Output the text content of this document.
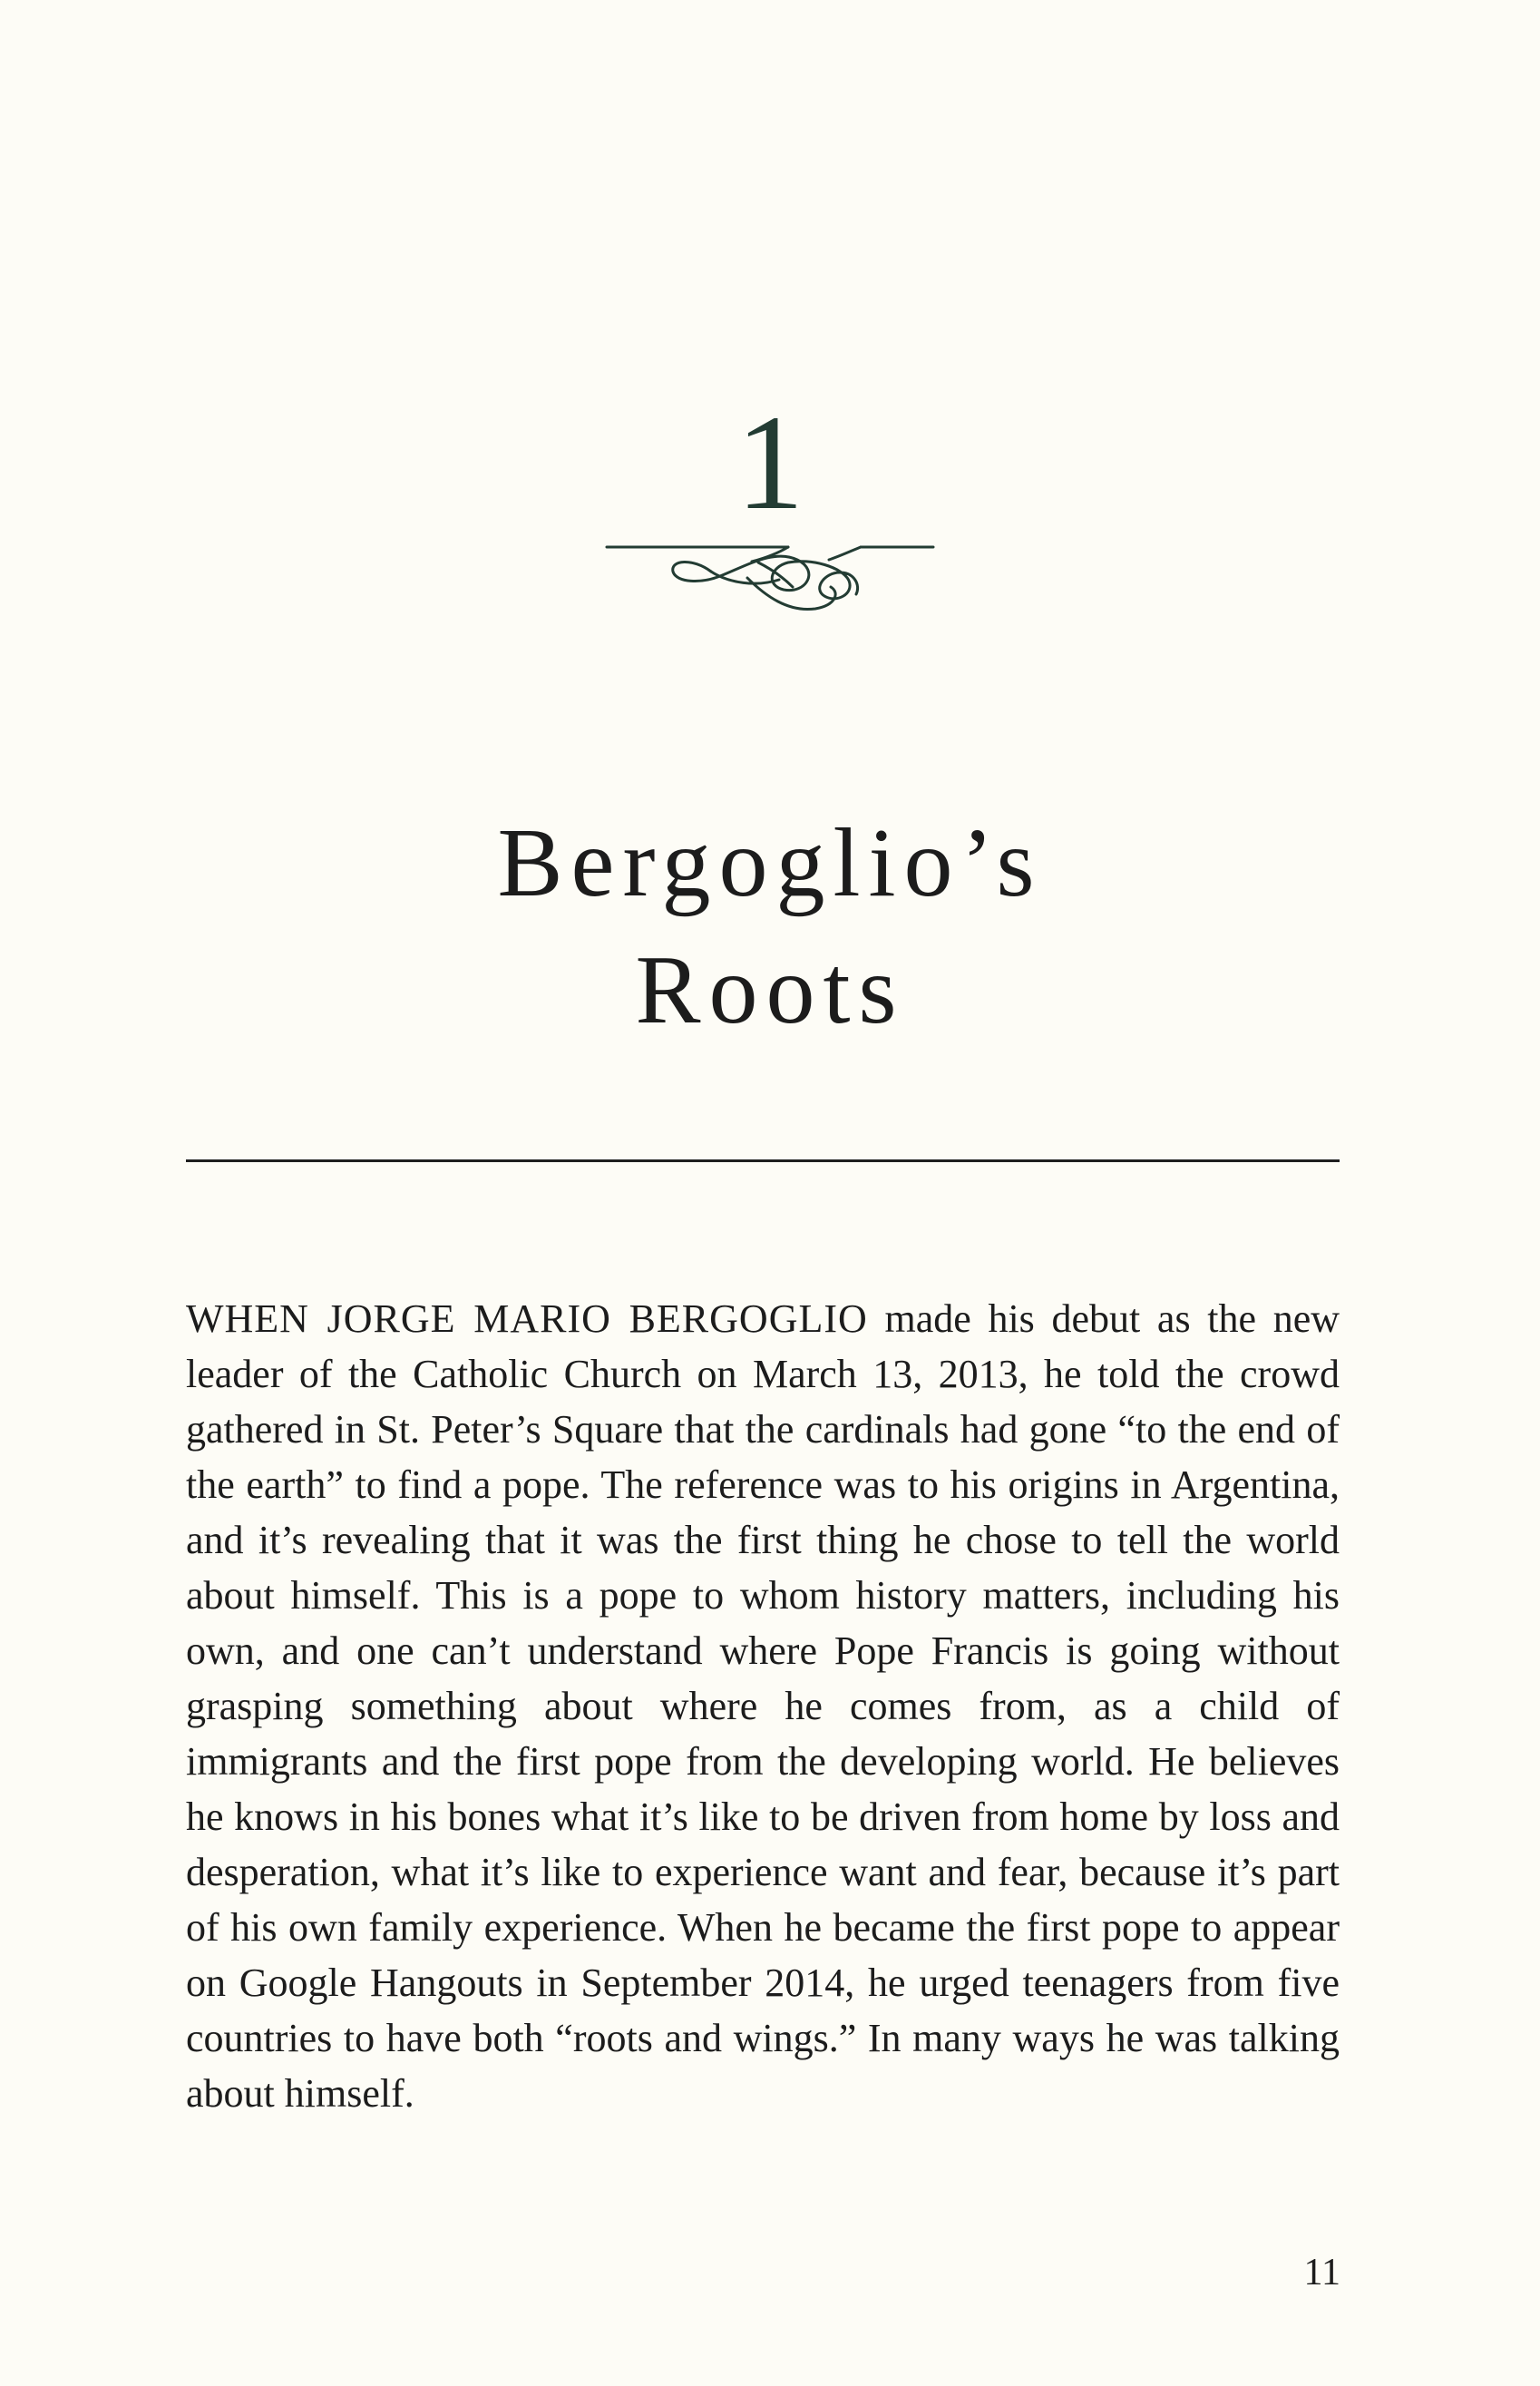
1
Bergoglio’s
Roots

WHEN JORGE MARIO BERGOGLIO made his debut as the new leader of the Catholic Church on March 13, 2013, he told the crowd gathered in St. Peter’s Square that the cardinals had gone “to the end of the earth” to find a pope. The reference was to his origins in Argentina, and it’s revealing that it was the first thing he chose to tell the world about himself. This is a pope to whom history matters, including his own, and one can’t understand where Pope Francis is going without grasping something about where he comes from, as a child of immigrants and the first pope from the developing world. He believes he knows in his bones what it’s like to be driven from home by loss and desperation, what it’s like to experience want and fear, because it’s part of his own family experience. When he became the first pope to appear on Google Hangouts in September 2014, he urged teenagers from five countries to have both “roots and wings.” In many ways he was talking about himself.

11
